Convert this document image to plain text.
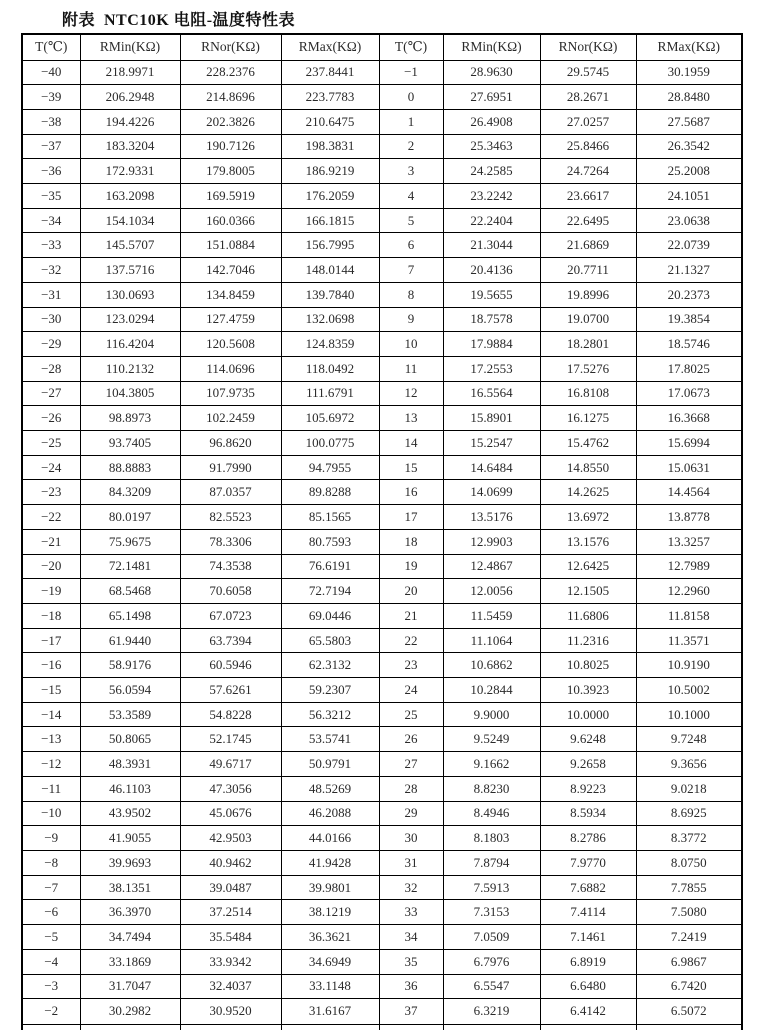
附表  NTC10K 电阻-温度特性表
T(℃)	RMin(KΩ)	RNor(KΩ)	RMax(KΩ)	T(℃)	RMin(KΩ)	RNor(KΩ)	RMax(KΩ)
−40	218.9971	228.2376	237.8441	−1	28.9630	29.5745	30.1959
−39	206.2948	214.8696	223.7783	0	27.6951	28.2671	28.8480
−38	194.4226	202.3826	210.6475	1	26.4908	27.0257	27.5687
−37	183.3204	190.7126	198.3831	2	25.3463	25.8466	26.3542
−36	172.9331	179.8005	186.9219	3	24.2585	24.7264	25.2008
−35	163.2098	169.5919	176.2059	4	23.2242	23.6617	24.1051
−34	154.1034	160.0366	166.1815	5	22.2404	22.6495	23.0638
−33	145.5707	151.0884	156.7995	6	21.3044	21.6869	22.0739
−32	137.5716	142.7046	148.0144	7	20.4136	20.7711	21.1327
−31	130.0693	134.8459	139.7840	8	19.5655	19.8996	20.2373
−30	123.0294	127.4759	132.0698	9	18.7578	19.0700	19.3854
−29	116.4204	120.5608	124.8359	10	17.9884	18.2801	18.5746
−28	110.2132	114.0696	118.0492	11	17.2553	17.5276	17.8025
−27	104.3805	107.9735	111.6791	12	16.5564	16.8108	17.0673
−26	98.8973	102.2459	105.6972	13	15.8901	16.1275	16.3668
−25	93.7405	96.8620	100.0775	14	15.2547	15.4762	15.6994
−24	88.8883	91.7990	94.7955	15	14.6484	14.8550	15.0631
−23	84.3209	87.0357	89.8288	16	14.0699	14.2625	14.4564
−22	80.0197	82.5523	85.1565	17	13.5176	13.6972	13.8778
−21	75.9675	78.3306	80.7593	18	12.9903	13.1576	13.3257
−20	72.1481	74.3538	76.6191	19	12.4867	12.6425	12.7989
−19	68.5468	70.6058	72.7194	20	12.0056	12.1505	12.2960
−18	65.1498	67.0723	69.0446	21	11.5459	11.6806	11.8158
−17	61.9440	63.7394	65.5803	22	11.1064	11.2316	11.3571
−16	58.9176	60.5946	62.3132	23	10.6862	10.8025	10.9190
−15	56.0594	57.6261	59.2307	24	10.2844	10.3923	10.5002
−14	53.3589	54.8228	56.3212	25	9.9000	10.0000	10.1000
−13	50.8065	52.1745	53.5741	26	9.5249	9.6248	9.7248
−12	48.3931	49.6717	50.9791	27	9.1662	9.2658	9.3656
−11	46.1103	47.3056	48.5269	28	8.8230	8.9223	9.0218
−10	43.9502	45.0676	46.2088	29	8.4946	8.5934	8.6925
−9	41.9055	42.9503	44.0166	30	8.1803	8.2786	8.3772
−8	39.9693	40.9462	41.9428	31	7.8794	7.9770	8.0750
−7	38.1351	39.0487	39.9801	32	7.5913	7.6882	7.7855
−6	36.3970	37.2514	38.1219	33	7.3153	7.4114	7.5080
−5	34.7494	35.5484	36.3621	34	7.0509	7.1461	7.2419
−4	33.1869	33.9342	34.6949	35	6.7976	6.8919	6.9867
−3	31.7047	32.4037	33.1148	36	6.5547	6.6480	6.7420
−2	30.2982	30.9520	31.6167	37	6.3219	6.4142	6.5072
